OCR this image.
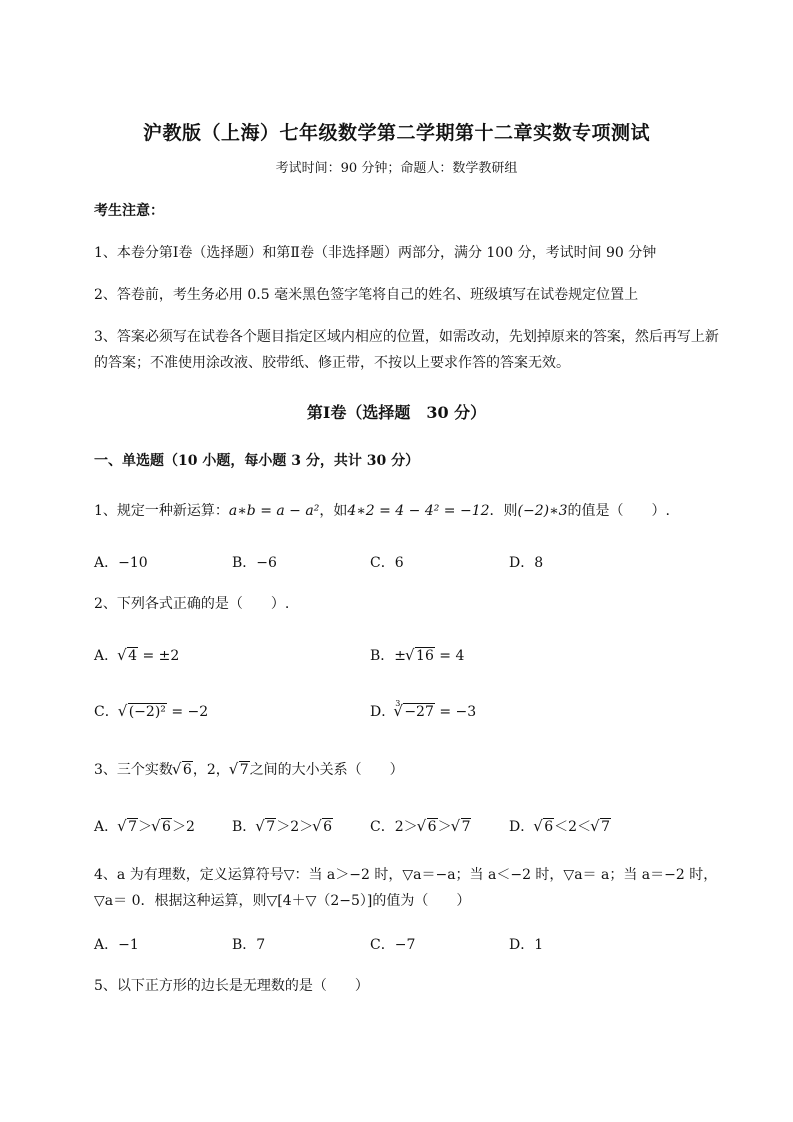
沪教版（上海）七年级数学第二学期第十二章实数专项测试
考试时间：90 分钟；命题人：数学教研组
考生注意：
1、本卷分第Ⅰ卷（选择题）和第Ⅱ卷（非选择题）两部分，满分 100 分，考试时间 90 分钟
2、答卷前，考生务必用 0.5 毫米黑色签字笔将自己的姓名、班级填写在试卷规定位置上
3、答案必须写在试卷各个题目指定区域内相应的位置，如需改动，先划掉原来的答案，然后再写上新
的答案；不准使用涂改液、胶带纸、修正带，不按以上要求作答的答案无效。
第Ⅰ卷（选择题　30 分）
一、单选题（10 小题，每小题 3 分，共计 30 分）
1、规定一种新运算：a∗b = a − a²，如4∗2 = 4 − 4² = −12．则(−2)∗3的值是（　　）.
A．−10	B．−6	C．6	D．8
2、下列各式正确的是（　　）.
A． √ 4 = ±2	B．± √ 16 = 4
C． √ (−2)² = −2	D．$^3$√ −27 = −3
3、三个实数 √ 6，2， √ 7之间的大小关系（　　）
A． √ 7＞ √ 6＞2	B． √ 7＞2＞ √ 6	C．2＞ √ 6＞ √ 7	D． √ 6＜2＜ √ 7
4、a 为有理数，定义运算符号▽：当 a＞−2 时，▽a＝−a；当 a＜−2 时，▽a＝ a；当 a＝−2 时，
▽a＝ 0．根据这种运算，则▽[4＋▽（2−5）]的值为（　　）
A．−1	B．7	C．−7	D．1
5、以下正方形的边长是无理数的是（　　）
